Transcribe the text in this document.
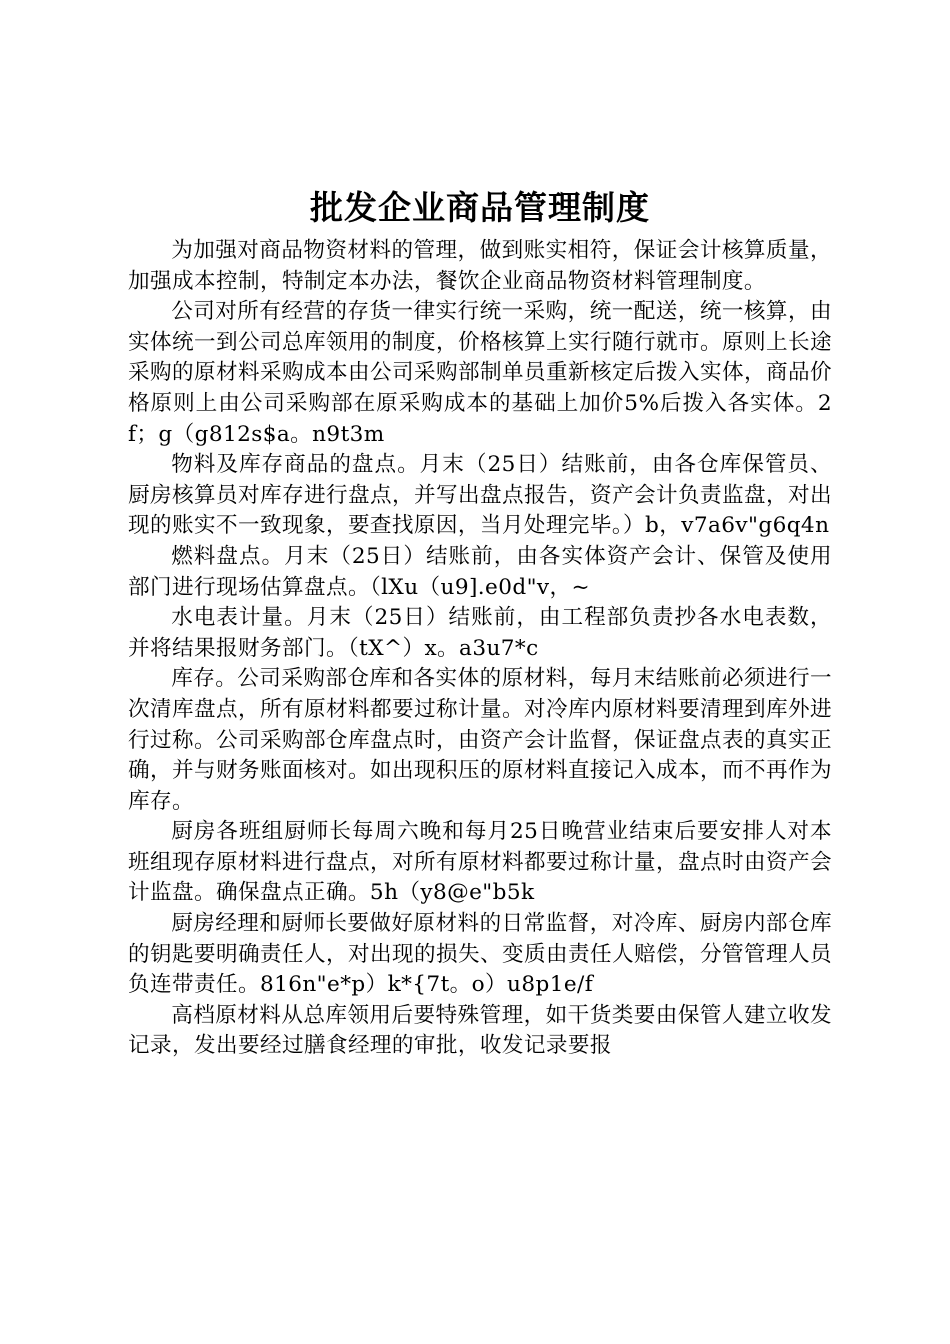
批发企业商品管理制度

为加强对商品物资材料的管理，做到账实相符，保证会计核算质量，加强成本控制，特制定本办法，餐饮企业商品物资材料管理制度。

公司对所有经营的存货一律实行统一采购，统一配送，统一核算，由实体统一到公司总库领用的制度，价格核算上实行随行就市。原则上长途采购的原材料采购成本由公司采购部制单员重新核定后拨入实体，商品价格原则上由公司采购部在原采购成本的基础上加价5%后拨入各实体。2f；g（g812s$a。n9t3m

物料及库存商品的盘点。月末（25日）结账前，由各仓库保管员、厨房核算员对库存进行盘点，并写出盘点报告，资产会计负责监盘，对出现的账实不一致现象，要查找原因，当月处理完毕。）b，v7a6v"g6q4n

燃料盘点。月末（25日）结账前，由各实体资产会计、保管及使用部门进行现场估算盘点。（lXu（u9].e0d"v，~

水电表计量。月末（25日）结账前，由工程部负责抄各水电表数，并将结果报财务部门。（tX^）x。a3u7*c

库存。公司采购部仓库和各实体的原材料，每月末结账前必须进行一次清库盘点，所有原材料都要过称计量。对冷库内原材料要清理到库外进行过称。公司采购部仓库盘点时，由资产会计监督，保证盘点表的真实正确，并与财务账面核对。如出现积压的原材料直接记入成本，而不再作为库存。

厨房各班组厨师长每周六晚和每月25日晚营业结束后要安排人对本班组现存原材料进行盘点，对所有原材料都要过称计量，盘点时由资产会计监盘。确保盘点正确。5h（y8@e"b5k

厨房经理和厨师长要做好原材料的日常监督，对冷库、厨房内部仓库的钥匙要明确责任人，对出现的损失、变质由责任人赔偿，分管管理人员负连带责任。816n"e*p）k*{7t。o）u8p1e/f

高档原材料从总库领用后要特殊管理，如干货类要由保管人建立收发记录，发出要经过膳食经理的审批，收发记录要报
